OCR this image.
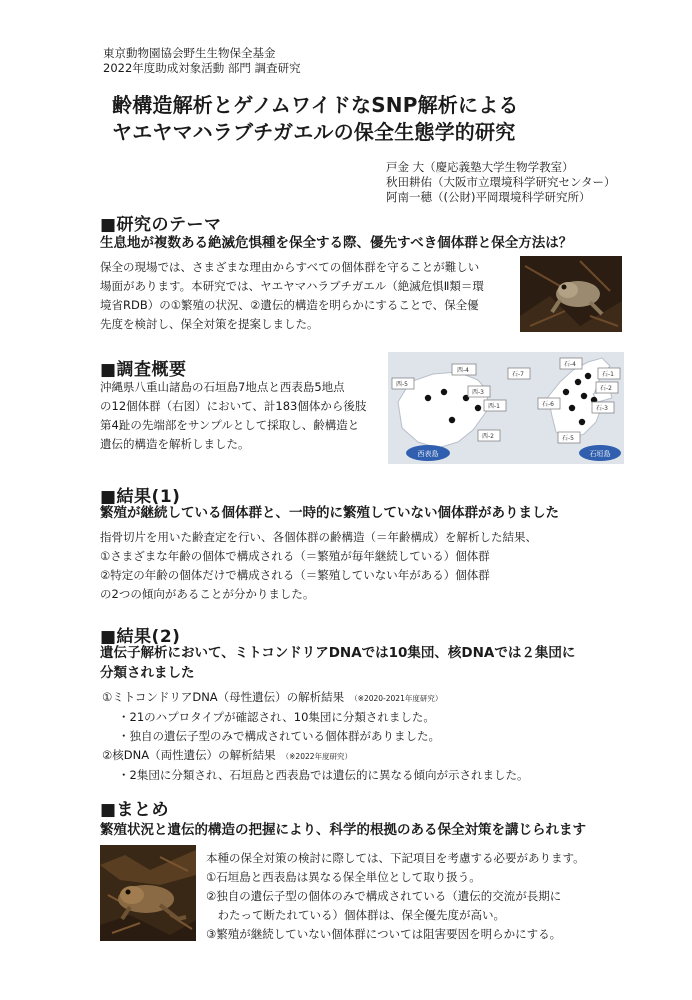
東京動物園協会野生生物保全基金
2022年度助成対象活動 部門 調査研究
齢構造解析とゲノムワイドなSNP解析による
ヤエヤマハラブチガエルの保全生態学的研究
戸金 大（慶応義塾大学生物学教室）
秋田耕佑（大阪市立環境科学研究センター）
阿南一穂（(公財)平岡環境科学研究所）
■研究のテーマ
生息地が複数ある絶滅危惧種を保全する際、優先すべき個体群と保全方法は？
保全の現場では、さまざまな理由からすべての個体群を守ることが難しい
場面があります。本研究では、ヤエヤマハラブチガエル（絶滅危惧Ⅱ類＝環
境省RDB）の①繁殖の状況、②遺伝的構造を明らかにすることで、保全優
先度を検討し、保全対策を提案しました。
■調査概要
沖縄県八重山諸島の石垣島7地点と西表島5地点
の12個体群（右図）において、計183個体から後肢
第4趾の先端部をサンプルとして採取し、齢構造と
遺伝的構造を解析しました。
西-5
西-4
西-3
西-1
西-2
石-7
石-4
石-1
石-2
石-6
石-3
石-5
西表島	石垣島
■結果(1)
繁殖が継続している個体群と、一時的に繁殖していない個体群がありました
指骨切片を用いた齢査定を行い、各個体群の齢構造（＝年齢構成）を解析した結果、
①さまざまな年齢の個体で構成される（＝繁殖が毎年継続している）個体群
②特定の年齢の個体だけで構成される（＝繁殖していない年がある）個体群
の2つの傾向があることが分かりました。
■結果(2)
遺伝子解析において、ミトコンドリアDNAでは10集団、核DNAでは２集団に
分類されました
①ミトコンドリアDNA（母性遺伝）の解析結果 （※2020-2021年度研究）
・21のハプロタイプが確認され、10集団に分類されました。
・独自の遺伝子型のみで構成されている個体群がありました。
②核DNA（両性遺伝）の解析結果 （※2022年度研究）
・2集団に分類され、石垣島と西表島では遺伝的に異なる傾向が示されました。
■まとめ
繁殖状況と遺伝的構造の把握により、科学的根拠のある保全対策を講じられます
本種の保全対策の検討に際しては、下記項目を考慮する必要があります。
①石垣島と西表島は異なる保全単位として取り扱う。
②独自の遺伝子型の個体のみで構成されている（遺伝的交流が長期に
　わたって断たれている）個体群は、保全優先度が高い。
③繁殖が継続していない個体群については阻害要因を明らかにする。
